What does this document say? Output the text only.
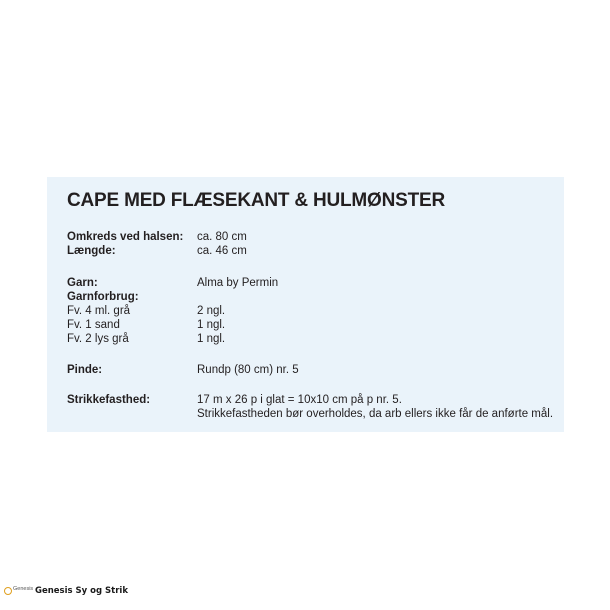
CAPE MED FLÆSEKANT & HULMØNSTER
Omkreds ved halsen:	ca. 80 cm
Længde:	ca. 46 cm
Garn:	Alma by Permin
Garnforbrug:
Fv. 4 ml. grå	2 ngl.
Fv. 1 sand	1 ngl.
Fv. 2 lys grå	1 ngl.
Pinde:	Rundp (80 cm) nr. 5
Strikkefasthed:	17 m x 26 p i glat = 10x10 cm på p nr. 5.
Strikkefastheden bør overholdes, da arb ellers ikke får de anførte mål.
Genesis Genesis Sy og Strik
